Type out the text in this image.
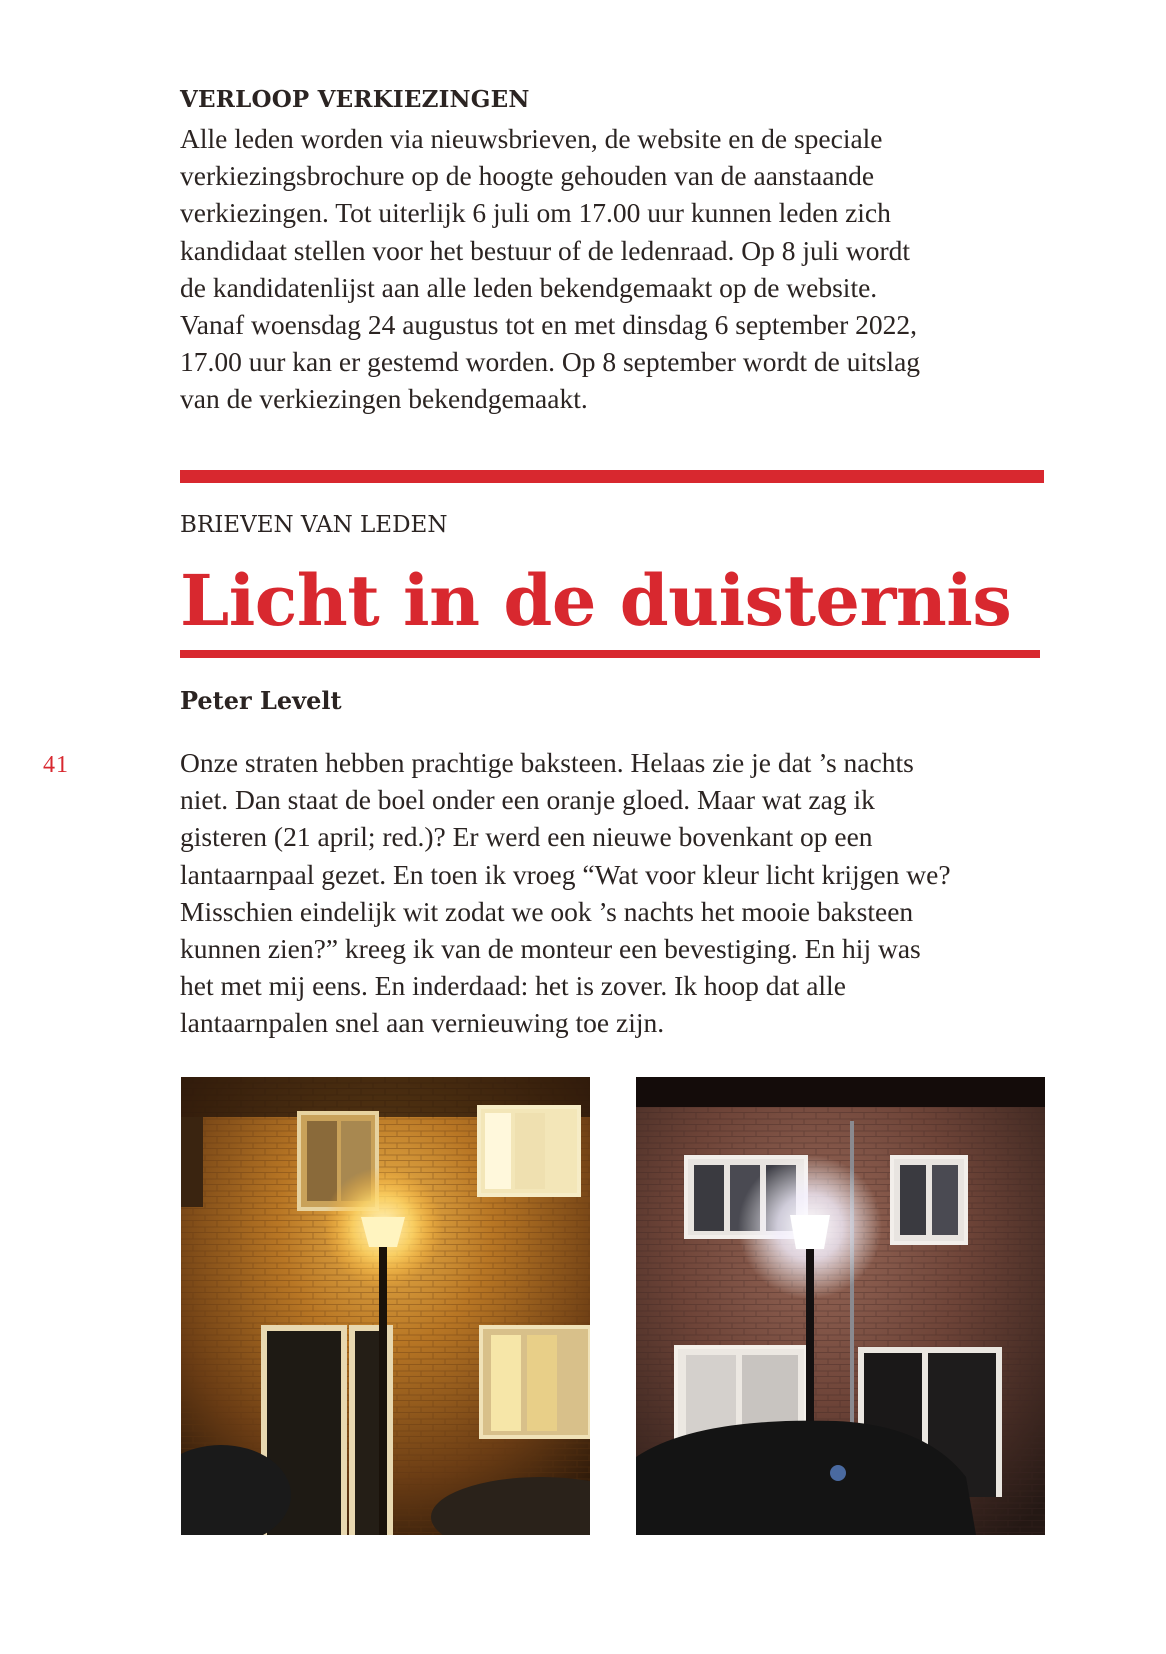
VERLOOP VERKIEZINGEN

Alle leden worden via nieuwsbrieven, de website en de speciale

verkiezingsbrochure op de hoogte gehouden van de aanstaande

verkiezingen. Tot uiterlijk 6 juli om 17.00 uur kunnen leden zich

kandidaat stellen voor het bestuur of de ledenraad. Op 8 juli wordt

de kandidatenlijst aan alle leden bekendgemaakt op de website.

Vanaf woensdag 24 augustus tot en met dinsdag 6 september 2022,

17.00 uur kan er gestemd worden. Op 8 september wordt de uitslag

van de verkiezingen bekendgemaakt.

BRIEVEN VAN LEDEN
Licht in de duisternis
Peter Levelt
41	Onze straten hebben prachtige baksteen. Helaas zie je dat ’s nachts

niet. Dan staat de boel onder een oranje gloed. Maar wat zag ik

gisteren (21 april; red.)? Er werd een nieuwe bovenkant op een

lantaarnpaal gezet. En toen ik vroeg “Wat voor kleur licht krijgen we?

Misschien eindelijk wit zodat we ook ’s nachts het mooie baksteen

kunnen zien?” kreeg ik van de monteur een bevestiging. En hij was

het met mij eens. En inderdaad: het is zover. Ik hoop dat alle

lantaarnpalen snel aan vernieuwing toe zijn.
